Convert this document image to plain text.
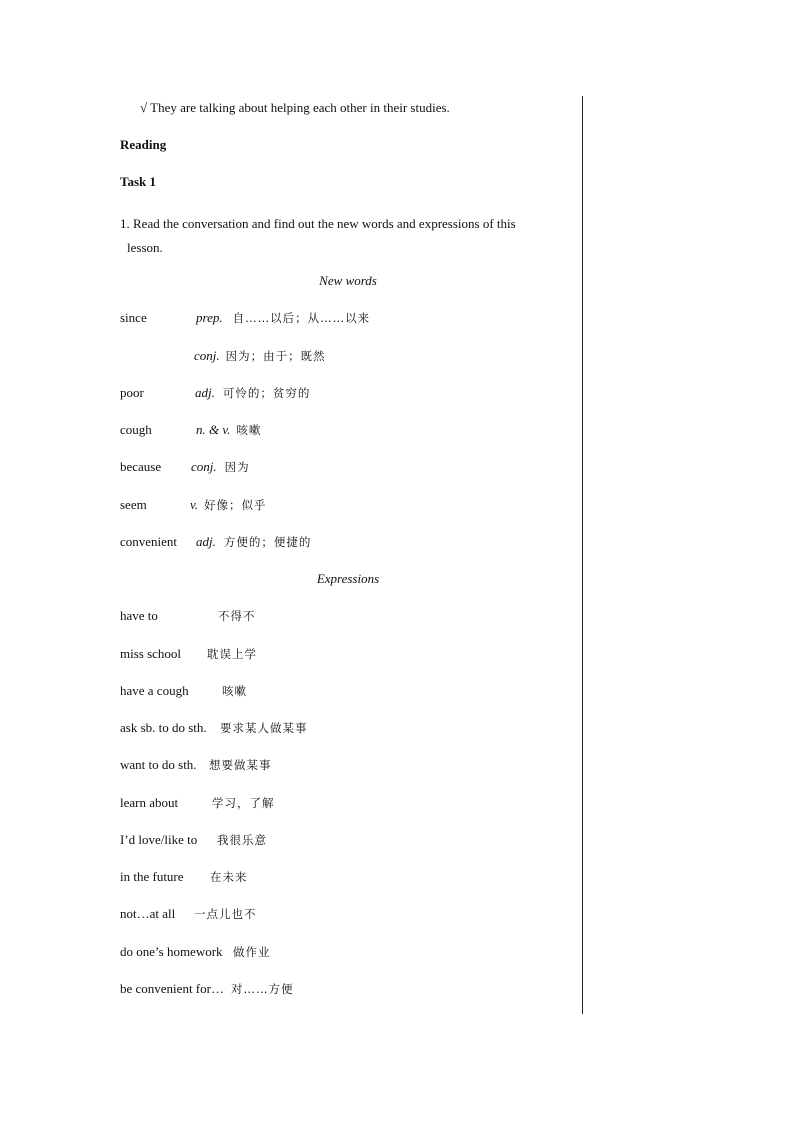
√ They are talking about helping each other in their studies.
Reading
Task 1
1. Read the conversation and find out the new words and expressions of this
lesson.
New words
since	prep. 自……以后；从……以来
conj. 因为；由于；既然
poor	adj. 可怜的；贫穷的
cough	n. & v. 咳嗽
because conj. 因为
seem	v. 好像；似乎
convenient adj. 方便的；便捷的
Expressions
have to	不得不
miss school 耽误上学
have a cough	咳嗽
ask sb. to do sth. 要求某人做某事
want to do sth. 想要做某事
learn about	学习，了解
I’d love/like to 我很乐意
in the future 在未来
not…at all 一点儿也不
do one’s homework 做作业
be convenient for… 对……方便
